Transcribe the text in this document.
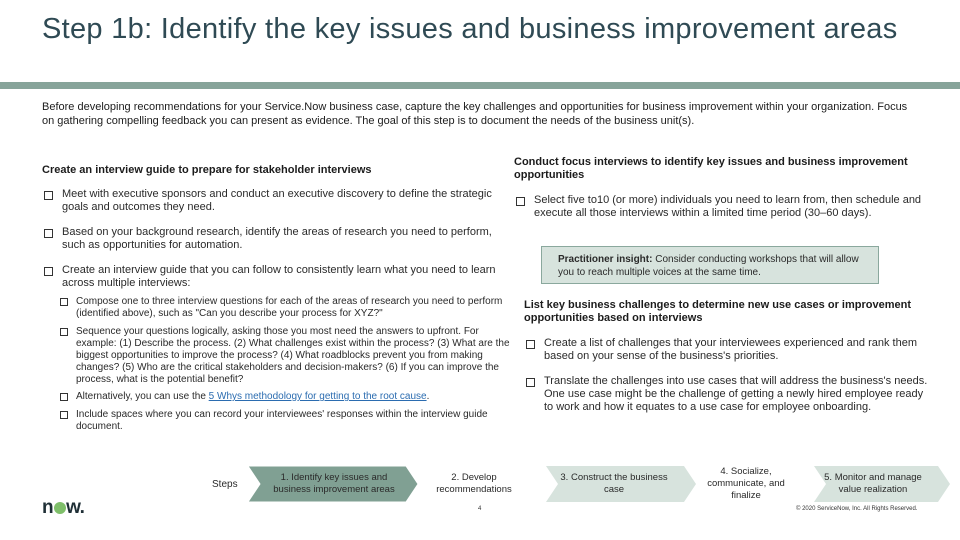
Step 1b: Identify the key issues and business improvement areas
Before developing recommendations for your Service.Now business case, capture the key challenges and opportunities for business improvement within your organization. Focus on gathering compelling feedback you can present as evidence. The goal of this step is to document the needs of the business unit(s).
Create an interview guide to prepare for stakeholder interviews
Meet with executive sponsors and conduct an executive discovery to define the strategic goals and outcomes they need.
Based on your background research, identify the areas of research you need to perform, such as opportunities for automation.
Create an interview guide that you can follow to consistently learn what you need to learn across multiple interviews:
Compose one to three interview questions for each of the areas of research you need to perform (identified above), such as "Can you describe your process for XYZ?"
Sequence your questions logically, asking those you most need the answers to upfront. For example: (1) Describe the process. (2) What challenges exist within the process? (3) What are the biggest opportunities to improve the process? (4) What roadblocks prevent you from making changes? (5) Who are the critical stakeholders and decision-makers? (6) If you can improve the process, what is the potential benefit?
Alternatively, you can use the 5 Whys methodology for getting to the root cause.
Include spaces where you can record your interviewees' responses within the interview guide document.
Conduct focus interviews to identify key issues and business improvement opportunities
Select five to10 (or more) individuals you need to learn from, then schedule and execute all those interviews within a limited time period (30–60 days).
Practitioner insight: Consider conducting workshops that will allow you to reach multiple voices at the same time.
List key business challenges to determine new use cases or improvement opportunities based on interviews
Create a list of challenges that your interviewees experienced and rank them based on your sense of the business's priorities.
Translate the challenges into use cases that will address the business's needs. One use case might be the challenge of getting a newly hired employee ready to work and how it equates to a use case for employee onboarding.
Steps
1. Identify key issues and business improvement areas
2. Develop recommendations
3. Construct the business case
4. Socialize, communicate, and finalize
5. Monitor and manage value realization
n w.	4	© 2020 ServiceNow, Inc. All Rights Reserved.
